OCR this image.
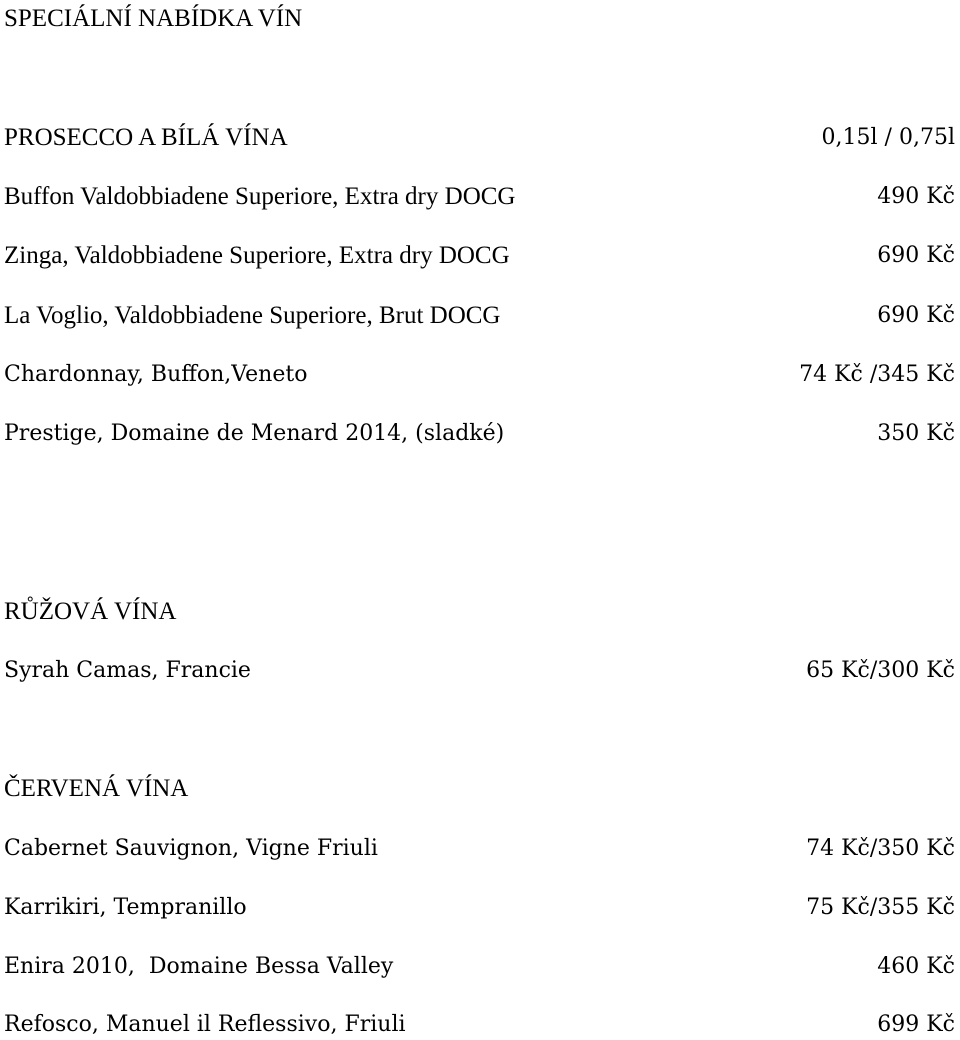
SPECIÁLNÍ NABÍDKA VÍN
PROSECCO A BÍLÁ VÍNA	0,15l / 0,75l
Buffon Valdobbiadene Superiore, Extra dry DOCG	490 Kč
Zinga, Valdobbiadene Superiore, Extra dry DOCG	690 Kč
La Voglio, Valdobbiadene Superiore, Brut DOCG	690 Kč
Chardonnay, Buffon,Veneto	74 Kč /345 Kč
Prestige, Domaine de Menard 2014, (sladké)	350 Kč
RŮŽOVÁ VÍNA
Syrah Camas, Francie	65 Kč/300 Kč
ČERVENÁ VÍNA
Cabernet Sauvignon, Vigne Friuli	74 Kč/350 Kč
Karrikiri, Tempranillo	75 Kč/355 Kč
Enira 2010,  Domaine Bessa Valley	460 Kč
Refosco, Manuel il Reflessivo, Friuli	699 Kč
